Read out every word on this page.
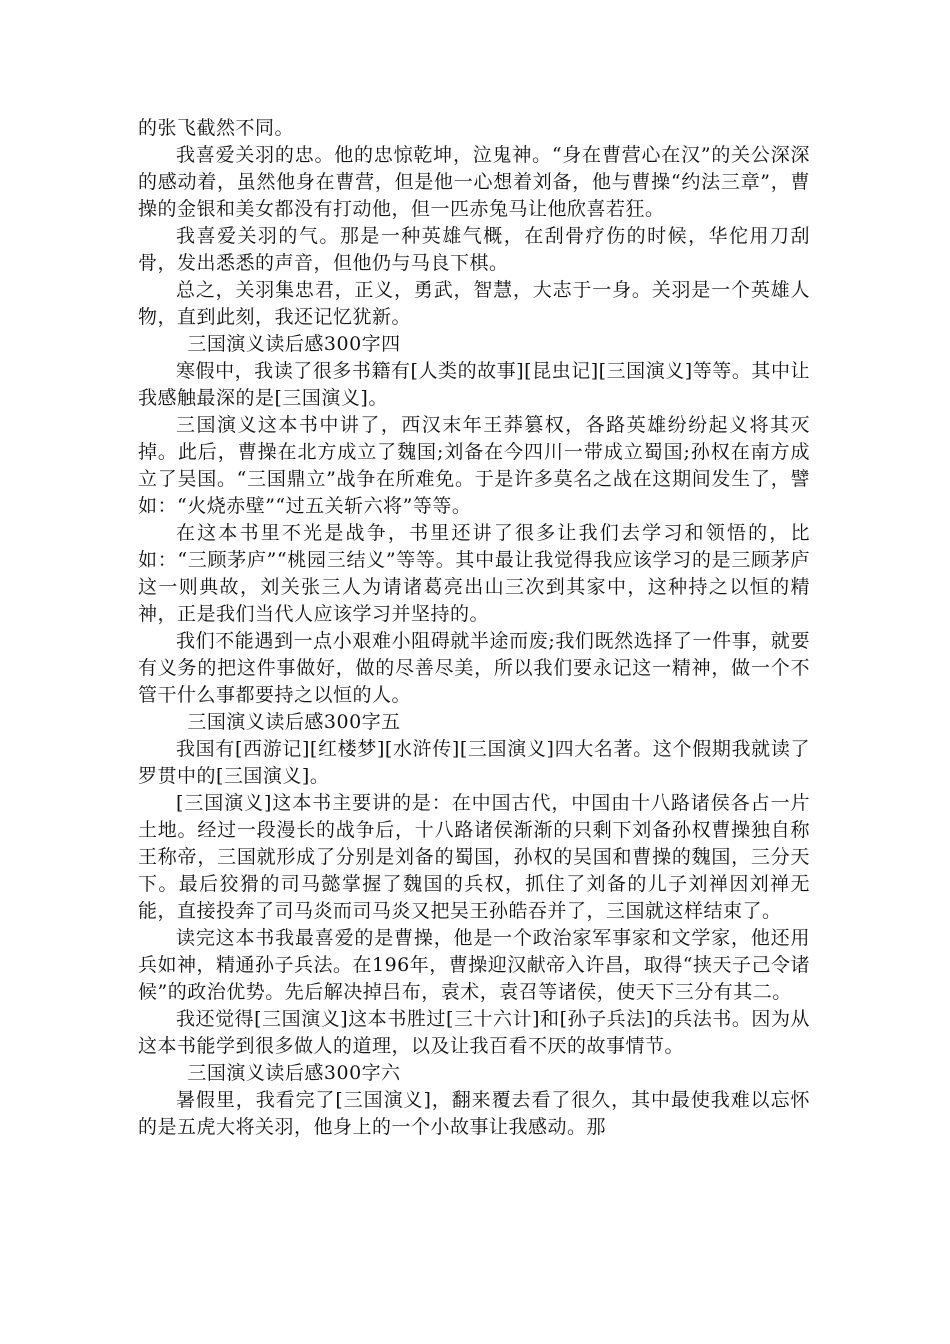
的张飞截然不同。

我喜爱关羽的忠。他的忠惊乾坤，泣鬼神。“身在曹营心在汉”的关公深深的感动着，虽然他身在曹营，但是他一心想着刘备，他与曹操“约法三章”，曹操的金银和美女都没有打动他，但一匹赤兔马让他欣喜若狂。

我喜爱关羽的气。那是一种英雄气概，在刮骨疗伤的时候，华佗用刀刮骨，发出悉悉的声音，但他仍与马良下棋。

总之，关羽集忠君，正义，勇武，智慧，大志于一身。关羽是一个英雄人物，直到此刻，我还记忆犹新。

三国演义读后感300字四

寒假中，我读了很多书籍有[人类的故事][昆虫记][三国演义]等等。其中让我感触最深的是[三国演义]。

三国演义这本书中讲了，西汉末年王莽篡权，各路英雄纷纷起义将其灭掉。此后，曹操在北方成立了魏国;刘备在今四川一带成立蜀国;孙权在南方成立了吴国。“三国鼎立”战争在所难免。于是许多莫名之战在这期间发生了，譬如：“火烧赤壁”“过五关斩六将”等等。

在这本书里不光是战争，书里还讲了很多让我们去学习和领悟的，比如：“三顾茅庐”“桃园三结义”等等。其中最让我觉得我应该学习的是三顾茅庐这一则典故，刘关张三人为请诸葛亮出山三次到其家中，这种持之以恒的精神，正是我们当代人应该学习并坚持的。

我们不能遇到一点小艰难小阻碍就半途而废;我们既然选择了一件事，就要有义务的把这件事做好，做的尽善尽美，所以我们要永记这一精神，做一个不管干什么事都要持之以恒的人。

三国演义读后感300字五

我国有[西游记][红楼梦][水浒传][三国演义]四大名著。这个假期我就读了罗贯中的[三国演义]。

[三国演义]这本书主要讲的是：在中国古代，中国由十八路诸侯各占一片土地。经过一段漫长的战争后，十八路诸侯渐渐的只剩下刘备孙权曹操独自称王称帝，三国就形成了分别是刘备的蜀国，孙权的吴国和曹操的魏国，三分天下。最后狡猾的司马懿掌握了魏国的兵权，抓住了刘备的儿子刘禅因刘禅无能，直接投奔了司马炎而司马炎又把吴王孙皓吞并了，三国就这样结束了。

读完这本书我最喜爱的是曹操，他是一个政治家军事家和文学家，他还用兵如神，精通孙子兵法。在196年，曹操迎汉献帝入许昌，取得“挟天子己令诸候”的政治优势。先后解决掉吕布，袁术，袁召等诸侯，使天下三分有其二。

我还觉得[三国演义]这本书胜过[三十六计]和[孙子兵法]的兵法书。因为从这本书能学到很多做人的道理，以及让我百看不厌的故事情节。

三国演义读后感300字六

暑假里，我看完了[三国演义]，翻来覆去看了很久，其中最使我难以忘怀的是五虎大将关羽，他身上的一个小故事让我感动。那
